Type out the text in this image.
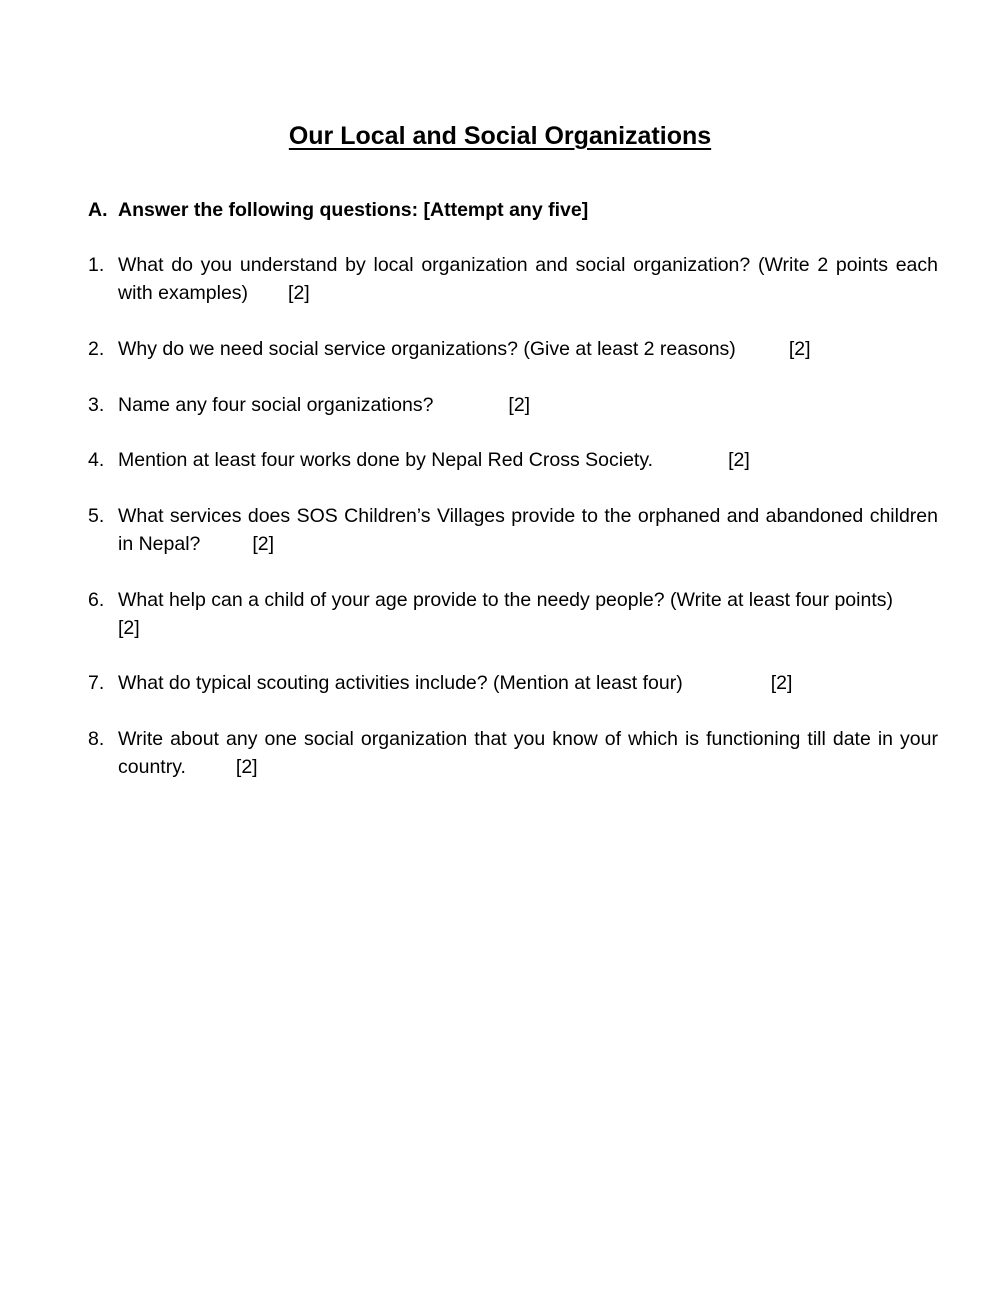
Our Local and Social Organizations
A. Answer the following questions: [Attempt any five]
1. What do you understand by local organization and social organization? (Write 2 points each with examples) [2]
2. Why do we need social service organizations? (Give at least 2 reasons)	[2]
3. Name any four social organizations?	[2]
4. Mention at least four works done by Nepal Red Cross Society.	[2]
5. What services does SOS Children’s Villages provide to the orphaned and abandoned children in Nepal?	[2]
6. What help can a child of your age provide to the needy people? (Write at least four points)[2]
7. What do typical scouting activities include? (Mention at least four)	[2]
8. Write about any one social organization that you know of which is functioning till date in your country.	[2]
